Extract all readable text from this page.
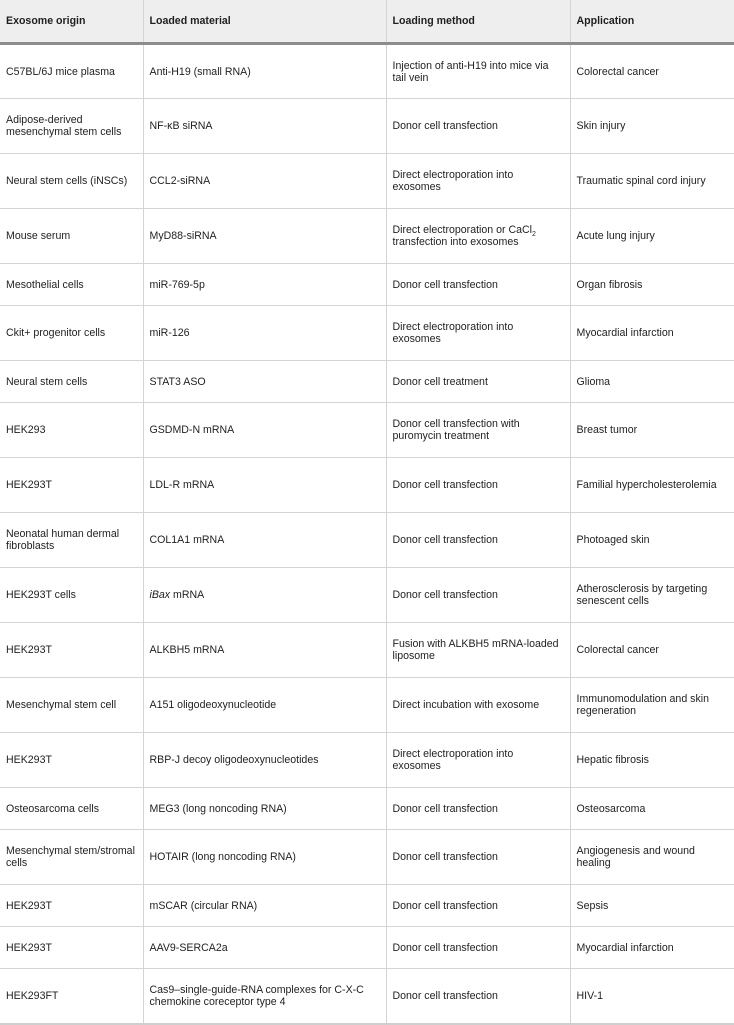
Exosome origin	Loaded material	Loading method	Application
C57BL/6J mice plasma	Anti-H19 (small RNA)	Injection of anti-H19 into mice via tail vein	Colorectal cancer
Adipose-derived mesenchymal stem cells	NF-κB siRNA	Donor cell transfection	Skin injury
Neural stem cells (iNSCs)	CCL2-siRNA	Direct electroporation into exosomes	Traumatic spinal cord injury
Mouse serum	MyD88-siRNA	Direct electroporation or CaCl$_2$ transfection into exosomes	Acute lung injury
Mesothelial cells	miR-769-5p	Donor cell transfection	Organ fibrosis
Ckit+ progenitor cells	miR-126	Direct electroporation into exosomes	Myocardial infarction
Neural stem cells	STAT3 ASO	Donor cell treatment	Glioma
HEK293	GSDMD-N mRNA	Donor cell transfection with puromycin treatment	Breast tumor
HEK293T	LDL-R mRNA	Donor cell transfection	Familial hypercholesterolemia
Neonatal human dermal fibroblasts	COL1A1 mRNA	Donor cell transfection	Photoaged skin
HEK293T cells	iBax mRNA	Donor cell transfection	Atherosclerosis by targeting senescent cells
HEK293T	ALKBH5 mRNA	Fusion with ALKBH5 mRNA-loaded liposome	Colorectal cancer
Mesenchymal stem cell	A151 oligodeoxynucleotide	Direct incubation with exosome	Immunomodulation and skin regeneration
HEK293T	RBP-J decoy oligodeoxynucleotides	Direct electroporation into exosomes	Hepatic fibrosis
Osteosarcoma cells	MEG3 (long noncoding RNA)	Donor cell transfection	Osteosarcoma
Mesenchymal stem/stromal cells	HOTAIR (long noncoding RNA)	Donor cell transfection	Angiogenesis and wound healing
HEK293T	mSCAR (circular RNA)	Donor cell transfection	Sepsis
HEK293T	AAV9-SERCA2a	Donor cell transfection	Myocardial infarction
HEK293FT	Cas9–single-guide-RNA complexes for C-X-C chemokine coreceptor type 4	Donor cell transfection	HIV-1
